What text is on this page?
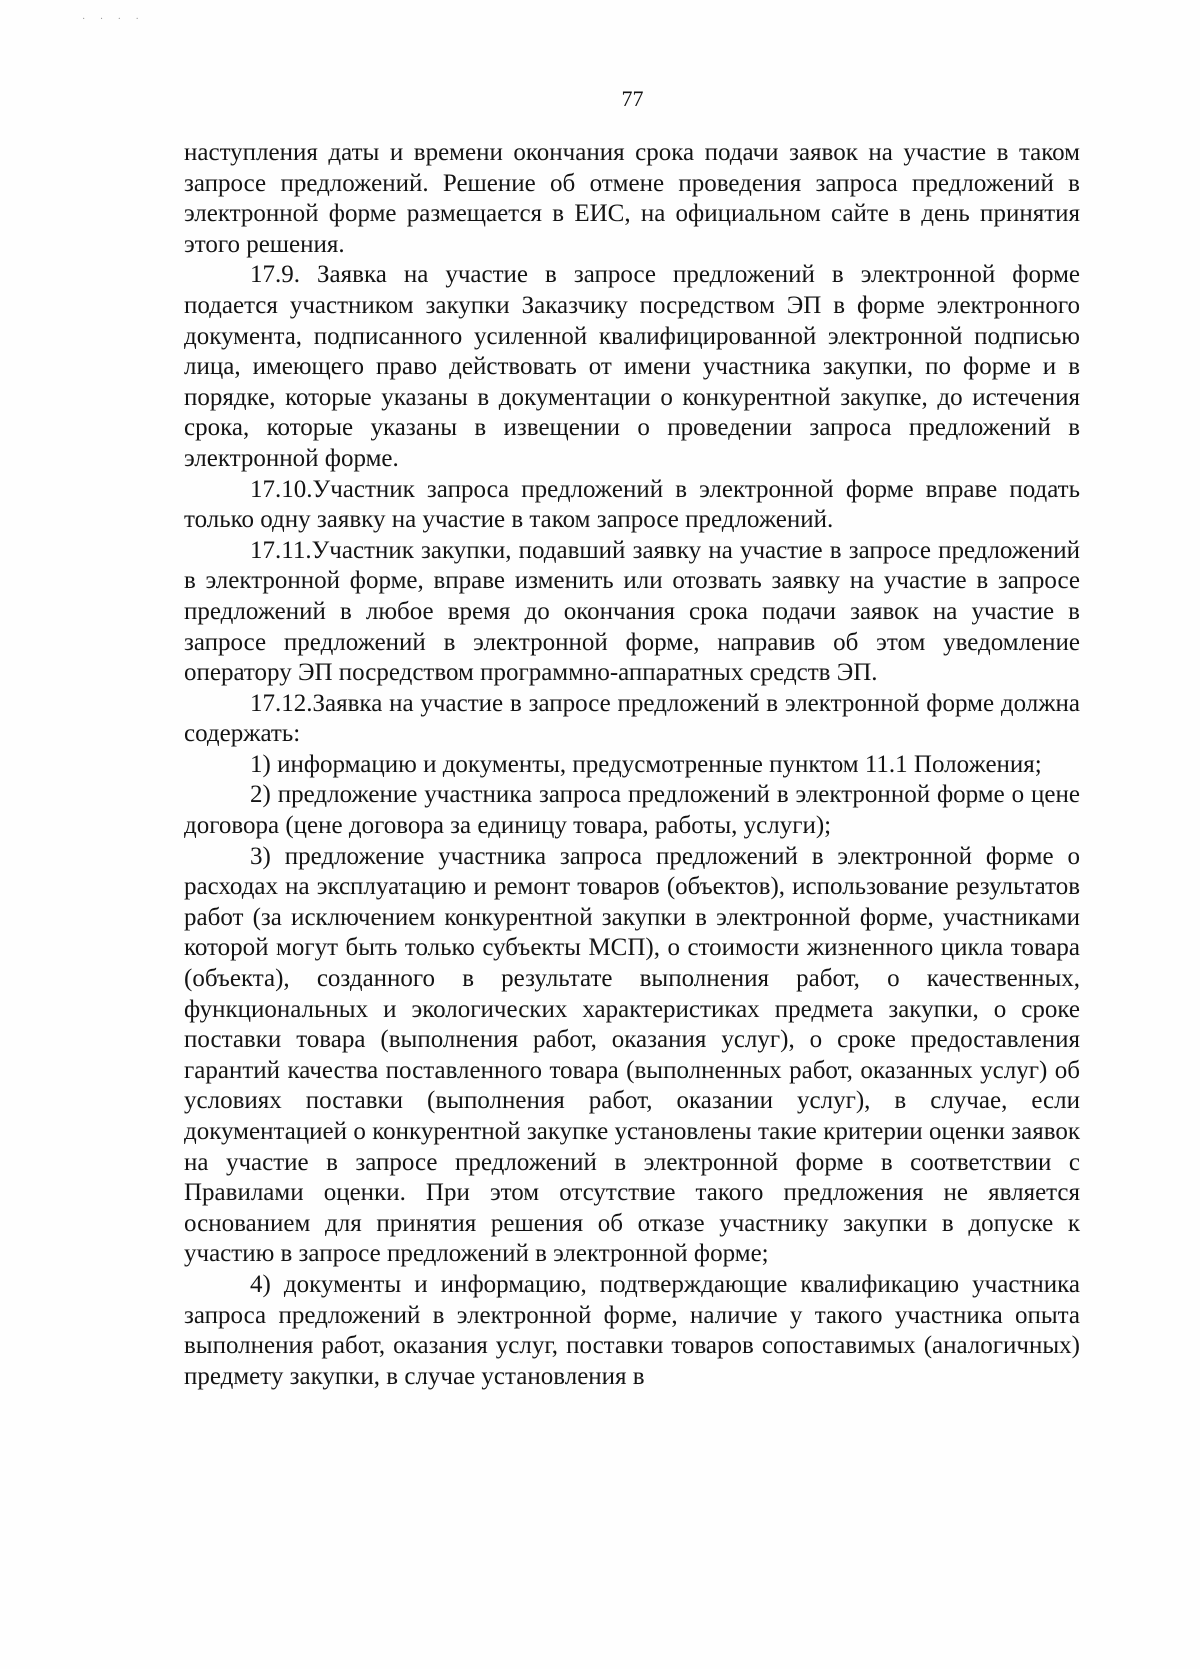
· · · ·
77

наступления даты и времени окончания срока подачи заявок на участие в таком запросе предложений. Решение об отмене проведения запроса предложений в электронной форме размещается в ЕИС, на официальном сайте в день принятия этого решения.

17.9. Заявка на участие в запросе предложений в электронной форме подается участником закупки Заказчику посредством ЭП в форме электронного документа, подписанного усиленной квалифицированной электронной подписью лица, имеющего право действовать от имени участника закупки, по форме и в порядке, которые указаны в документации о конкурентной закупке, до истечения срока, которые указаны в извещении о проведении запроса предложений в электронной форме.

17.10.Участник запроса предложений в электронной форме вправе подать только одну заявку на участие в таком запросе предложений.

17.11.Участник закупки, подавший заявку на участие в запросе предложений в электронной форме, вправе изменить или отозвать заявку на участие в запросе предложений в любое время до окончания срока подачи заявок на участие в запросе предложений в электронной форме, направив об этом уведомление оператору ЭП посредством программно-аппаратных средств ЭП.

17.12.Заявка на участие в запросе предложений в электронной форме должна содержать:

1) информацию и документы, предусмотренные пунктом 11.1 Положения;

2) предложение участника запроса предложений в электронной форме о цене договора (цене договора за единицу товара, работы, услуги);

3) предложение участника запроса предложений в электронной форме о расходах на эксплуатацию и ремонт товаров (объектов), использование результатов работ (за исключением конкурентной закупки в электронной форме, участниками которой могут быть только субъекты МСП), о стоимости жизненного цикла товара (объекта), созданного в результате выполнения работ, о качественных, функциональных и экологических характеристиках предмета закупки, о сроке поставки товара (выполнения работ, оказания услуг), о сроке предоставления гарантий качества поставленного товара (выполненных работ, оказанных услуг) об условиях поставки (выполнения работ, оказании услуг), в случае, если документацией о конкурентной закупке установлены такие критерии оценки заявок на участие в запросе предложений в электронной форме в соответствии с Правилами оценки. При этом отсутствие такого предложения не является основанием для принятия решения об отказе участнику закупки в допуске к участию в запросе предложений в электронной форме;

4) документы и информацию, подтверждающие квалификацию участника запроса предложений в электронной форме, наличие у такого участника опыта выполнения работ, оказания услуг, поставки товаров сопоставимых (аналогичных) предмету закупки, в случае установления в
